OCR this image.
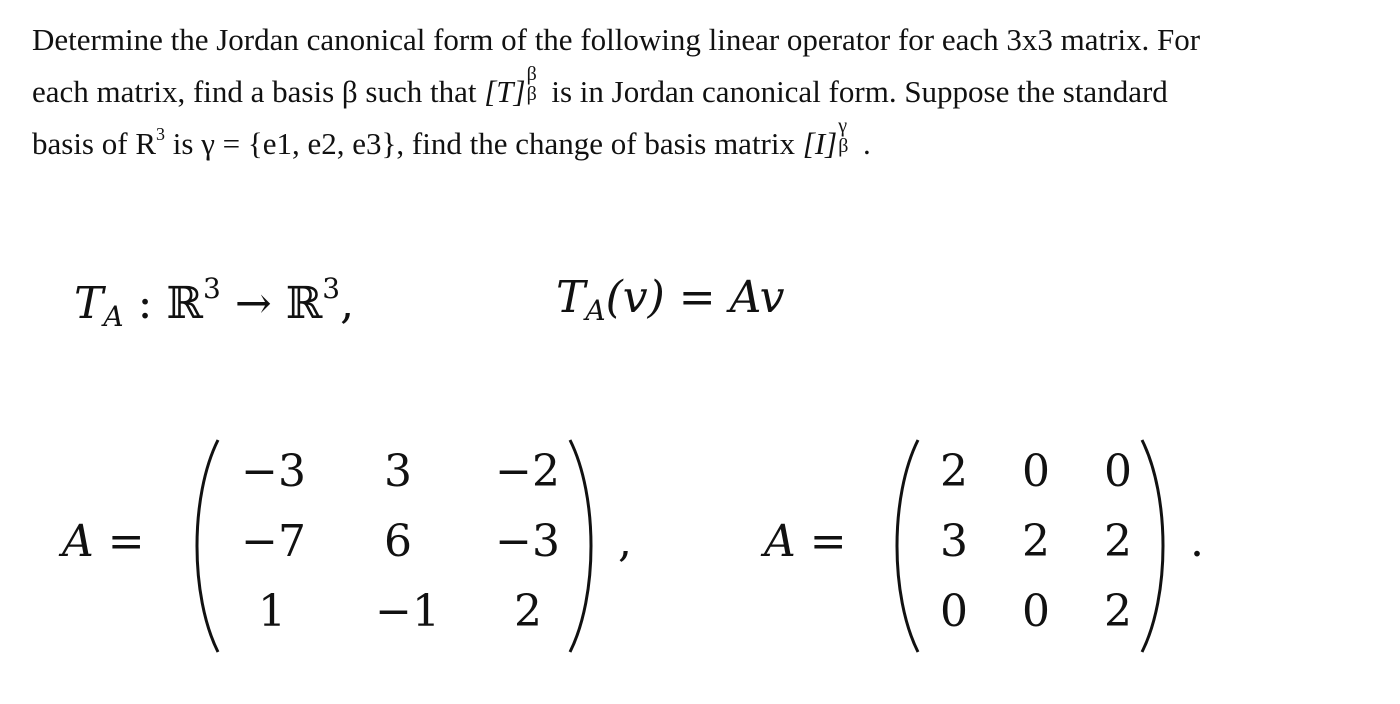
Determine the Jordan canonical form of the following linear operator for each 3x3 matrix. For
each matrix, find a basis β such that [T] β
β is in Jordan canonical form. Suppose the standard
basis of $R^3$ is γ = {e1, e2, e3}, find the change of basis matrix [I] γ
β .
$T_A$ : ℝ$^3$ → ℝ$^3$,	$T_A(v) = Av$
A =
−3	3 −2
−7	6 −3
1	−1	2
,	A =
2 0 0
3 2 2
0 0 2
.
